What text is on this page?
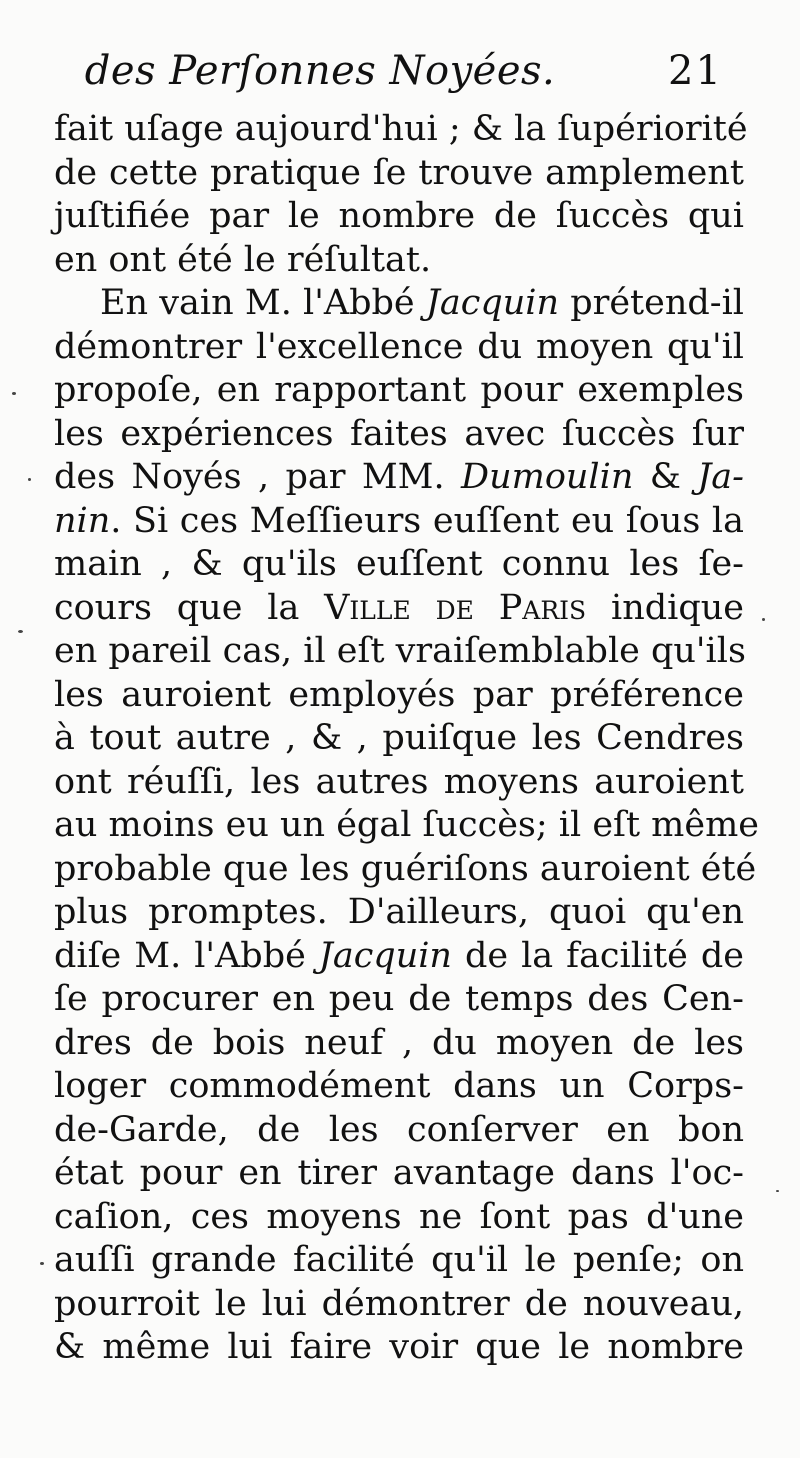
des Perſonnes Noyées.	21
fait uſage aujourd'hui ; & la ſupériorité
de cette pratique ſe trouve amplement
juſtifiée par le nombre de ſuccès qui
en ont été le réſultat.
En vain M. l'Abbé Jacquin prétend-il
démontrer l'excellence du moyen qu'il
propoſe, en rapportant pour exemples
les expériences faites avec ſuccès ſur
des Noyés , par MM. Dumoulin & Ja-
nin. Si ces Meſſieurs euſſent eu ſous la
main , & qu'ils euſſent connu les ſe-
cours que la Ville de Paris indique
en pareil cas, il eſt vraiſemblable qu'ils
les auroient employés par préférence
à tout autre , & , puiſque les Cendres
ont réuſſi, les autres moyens auroient
au moins eu un égal ſuccès; il eſt même
probable que les guériſons auroient été
plus promptes. D'ailleurs, quoi qu'en
diſe M. l'Abbé Jacquin de la facilité de
ſe procurer en peu de temps des Cen-
dres de bois neuf , du moyen de les
loger commodément dans un Corps-
de-Garde, de les conſerver en bon
état pour en tirer avantage dans l'oc-
caſion, ces moyens ne ſont pas d'une
auſſi grande facilité qu'il le penſe; on
pourroit le lui démontrer de nouveau,
& même lui faire voir que le nombre
